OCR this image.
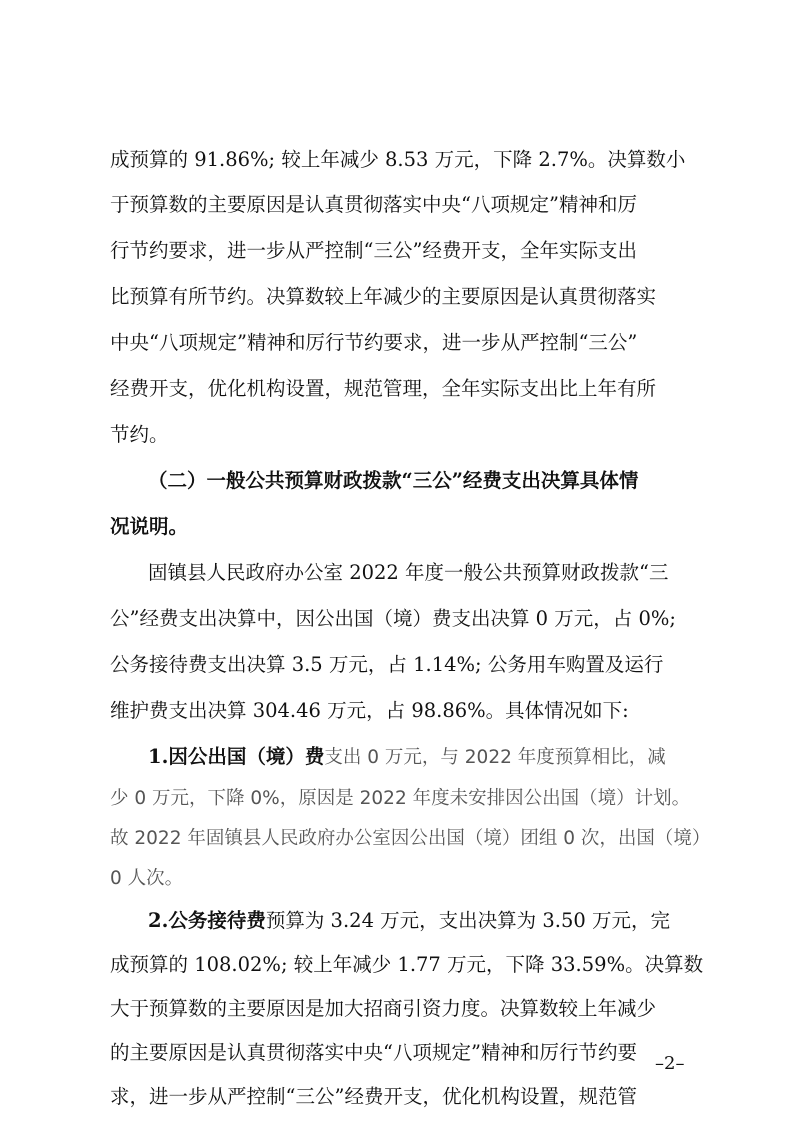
成预算的 91.86%; 较上年减少 8.53 万元，下降 2.7%。决算数小
于预算数的主要原因是认真贯彻落实中央“八项规定”精神和厉
行节约要求，进一步从严控制“三公”经费开支，全年实际支出
比预算有所节约。决算数较上年减少的主要原因是认真贯彻落实
中央“八项规定”精神和厉行节约要求，进一步从严控制“三公”
经费开支，优化机构设置，规范管理，全年实际支出比上年有所
节约。
（二）一般公共预算财政拨款“三公”经费支出决算具体情
况说明。
固镇县人民政府办公室 2022 年度一般公共预算财政拨款“三
公”经费支出决算中，因公出国（境）费支出决算 0 万元，占 0%;
公务接待费支出决算 3.5 万元，占 1.14%; 公务用车购置及运行
维护费支出决算 304.46 万元，占 98.86%。具体情况如下:
1.因公出国（境）费支出 0 万元，与 2022 年度预算相比，减
少 0 万元，下降 0%，原因是 2022 年度未安排因公出国（境）计划。
故 2022 年固镇县人民政府办公室因公出国（境）团组 0 次，出国（境）
0 人次。
2.公务接待费预算为 3.24 万元，支出决算为 3.50 万元，完
成预算的 108.02%; 较上年减少 1.77 万元，下降 33.59%。决算数
大于预算数的主要原因是加大招商引资力度。决算数较上年减少
的主要原因是认真贯彻落实中央“八项规定”精神和厉行节约要
求，进一步从严控制“三公”经费开支，优化机构设置，规范管
–2–
